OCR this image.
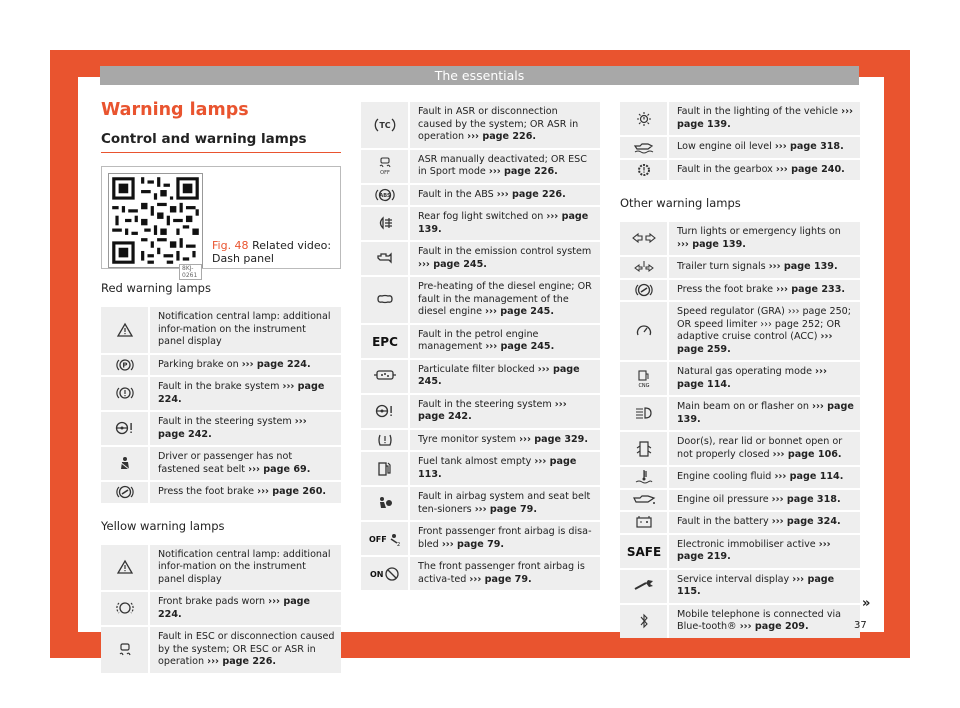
The essentials
Warning lamps
Control and warning lamps
8KJ-0261
Fig. 48 Related video: Dash panel
Red warning lamps
	Notification central lamp: additional infor-mation on the instrument panel display

P	Parking brake on ››› page 224.
	Fault in the brake system ››› page 224.
	Fault in the steering system ››› page 242.
	Driver or passenger has not fastened seat belt ››› page 69.
	Press the foot brake ››› page 260.
Yellow warning lamps
	Notification central lamp: additional infor-mation on the instrument panel display
	Front brake pads worn ››› page 224.
	Fault in ESC or disconnection caused by the system; OR ESC or ASR in operation ››› page 226.
TC	Fault in ASR or disconnection caused by the system; OR ASR in operation ››› page 226.

OFF	ASR manually deactivated; OR ESC in Sport mode ››› page 226.

ABS	Fault in the ABS ››› page 226.
	Rear fog light switched on ››› page 139.
	Fault in the emission control system ››› page 245.
	Pre-heating of the diesel engine; OR fault in the management of the diesel engine ››› page 245.

EPC	Fault in the petrol engine management ››› page 245.
	Particulate filter blocked ››› page 245.
	Fault in the steering system ››› page 242.
	Tyre monitor system ››› page 329.
	Fuel tank almost empty ››› page 113.
	Fault in airbag system and seat belt ten-sioners ››› page 79.

OFF
2	Front passenger front airbag is disa-bled ››› page 79.

ON	The front passenger front airbag is activa-ted ››› page 79.
	Fault in the lighting of the vehicle ››› page 139.
	Low engine oil level ››› page 318.
	Fault in the gearbox ››› page 240.
Other warning lamps
	Turn lights or emergency lights on ››› page 139.
	Trailer turn signals ››› page 139.
	Press the foot brake ››› page 233.
	Speed regulator (GRA) ››› page 250; OR speed limiter ››› page 252; OR adaptive cruise control (ACC) ››› page 259.

CNG	Natural gas operating mode ››› page 114.
	Main beam on or flasher on ››› page 139.
	Door(s), rear lid or bonnet open or not properly closed ››› page 106.
	Engine cooling fluid ››› page 114.
	Engine oil pressure ››› page 318.
	Fault in the battery ››› page 324.

SAFE	Electronic immobiliser active ››› page 219.
	Service interval display ››› page 115.
	Mobile telephone is connected via Blue-tooth® ››› page 209.
»
37
